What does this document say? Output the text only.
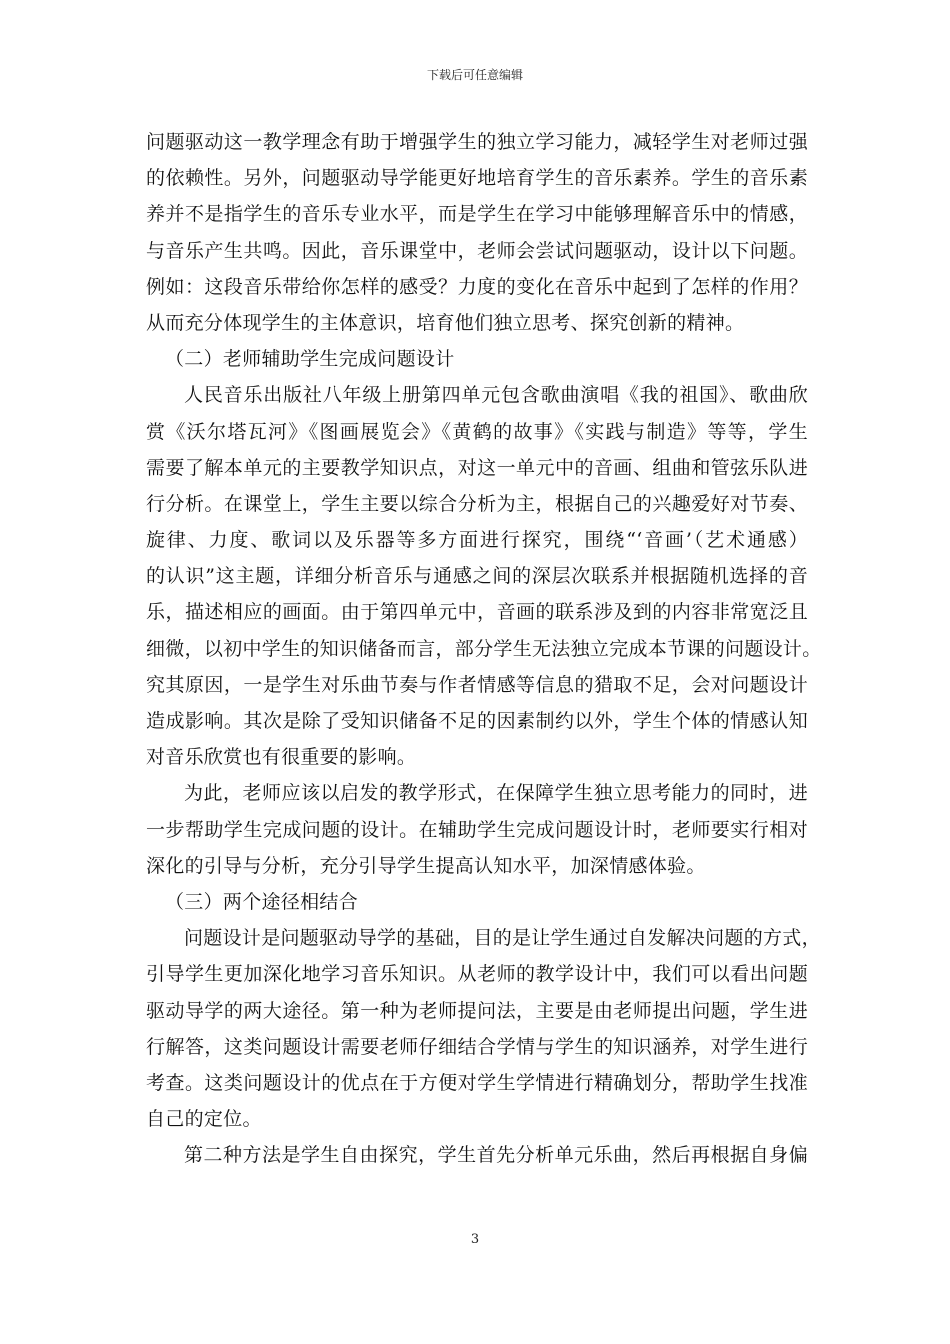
下载后可任意编辑
问题驱动这一教学理念有助于增强学生的独立学习能力，减轻学生对老师过强
的依赖性。另外，问题驱动导学能更好地培育学生的音乐素养。学生的音乐素
养并不是指学生的音乐专业水平，而是学生在学习中能够理解音乐中的情感，
与音乐产生共鸣。因此，音乐课堂中，老师会尝试问题驱动，设计以下问题。
例如：这段音乐带给你怎样的感受？力度的变化在音乐中起到了怎样的作用？
从而充分体现学生的主体意识，培育他们独立思考、探究创新的精神。
（二）老师辅助学生完成问题设计
人民音乐出版社八年级上册第四单元包含歌曲演唱《我的祖国》、歌曲欣
赏《沃尔塔瓦河》《图画展览会》《黄鹤的故事》《实践与制造》等等，学生
需要了解本单元的主要教学知识点，对这一单元中的音画、组曲和管弦乐队进
行分析。在课堂上，学生主要以综合分析为主，根据自己的兴趣爱好对节奏、
旋律、力度、歌词以及乐器等多方面进行探究，围绕“‘音画’（艺术通感）
的认识”这主题，详细分析音乐与通感之间的深层次联系并根据随机选择的音
乐，描述相应的画面。由于第四单元中，音画的联系涉及到的内容非常宽泛且
细微，以初中学生的知识储备而言，部分学生无法独立完成本节课的问题设计。
究其原因，一是学生对乐曲节奏与作者情感等信息的猎取不足，会对问题设计
造成影响。其次是除了受知识储备不足的因素制约以外，学生个体的情感认知
对音乐欣赏也有很重要的影响。
为此，老师应该以启发的教学形式，在保障学生独立思考能力的同时，进
一步帮助学生完成问题的设计。在辅助学生完成问题设计时，老师要实行相对
深化的引导与分析，充分引导学生提高认知水平，加深情感体验。
（三）两个途径相结合
问题设计是问题驱动导学的基础，目的是让学生通过自发解决问题的方式，
引导学生更加深化地学习音乐知识。从老师的教学设计中，我们可以看出问题
驱动导学的两大途径。第一种为老师提问法，主要是由老师提出问题，学生进
行解答，这类问题设计需要老师仔细结合学情与学生的知识涵养，对学生进行
考查。这类问题设计的优点在于方便对学生学情进行精确划分，帮助学生找准
自己的定位。
第二种方法是学生自由探究，学生首先分析单元乐曲，然后再根据自身偏
3
